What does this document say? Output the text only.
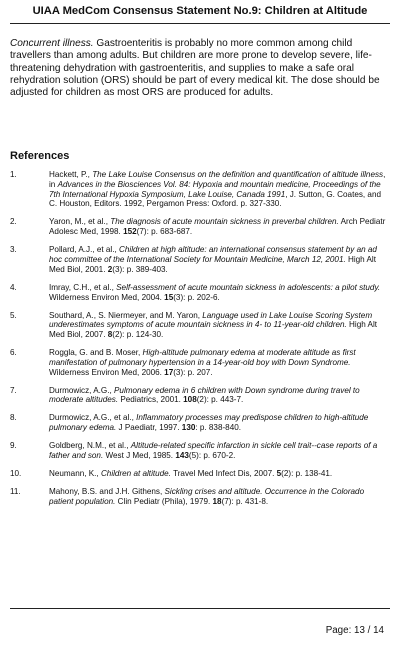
UIAA MedCom Consensus Statement No.9: Children at Altitude

Concurrent illness. Gastroenteritis is probably no more common among child travellers than among adults. But children are more prone to develop severe, life-threatening dehydration with gastroenteritis, and supplies to make a safe oral rehydration solution (ORS) should be part of every medical kit. The dose should be adjusted for children as most ORS are produced for adults.

References
1.	Hackett, P., The Lake Louise Consensus on the definition and quantification of altitude illness, in Advances in the Biosciences Vol. 84: Hypoxia and mountain medicine, Proceedings of the 7th International Hypoxia Symposium, Lake Louise, Canada 1991, J. Sutton, G. Coates, and C. Houston, Editors. 1992, Pergamon Press: Oxford. p. 327-330.
2.	Yaron, M., et al., The diagnosis of acute mountain sickness in preverbal children. Arch Pediatr Adolesc Med, 1998. 152(7): p. 683-687.
3.	Pollard, A.J., et al., Children at high altitude: an international consensus statement by an ad hoc committee of the International Society for Mountain Medicine, March 12, 2001. High Alt Med Biol, 2001. 2(3): p. 389-403.
4.	Imray, C.H., et al., Self-assessment of acute mountain sickness in adolescents: a pilot study. Wilderness Environ Med, 2004. 15(3): p. 202-6.
5.	Southard, A., S. Niermeyer, and M. Yaron, Language used in Lake Louise Scoring System underestimates symptoms of acute mountain sickness in 4- to 11-year-old children. High Alt Med Biol, 2007. 8(2): p. 124-30.
6.	Roggla, G. and B. Moser, High-altitude pulmonary edema at moderate altitude as first manifestation of pulmonary hypertension in a 14-year-old boy with Down Syndrome. Wilderness Environ Med, 2006. 17(3): p. 207.
7.	Durmowicz, A.G., Pulmonary edema in 6 children with Down syndrome during travel to moderate altitudes. Pediatrics, 2001. 108(2): p. 443-7.
8.	Durmowicz, A.G., et al., Inflammatory processes may predispose children to high-altitude pulmonary edema. J Paediatr, 1997. 130: p. 838-840.
9.	Goldberg, N.M., et al., Altitude-related specific infarction in sickle cell trait--case reports of a father and son. West J Med, 1985. 143(5): p. 670-2.
10.	Neumann, K., Children at altitude. Travel Med Infect Dis, 2007. 5(2): p. 138-41.
11.	Mahony, B.S. and J.H. Githens, Sickling crises and altitude. Occurrence in the Colorado patient population. Clin Pediatr (Phila), 1979. 18(7): p. 431-8.
Page: 13 / 14
